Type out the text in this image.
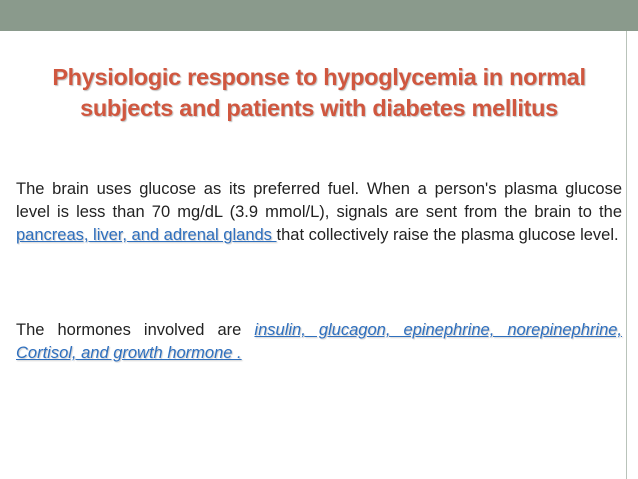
Physiologic response to hypoglycemia in normal
subjects and patients with diabetes mellitus

The brain uses glucose as its preferred fuel. When a person's plasma glucose level is less than 70 mg/dL (3.9 mmol/L), signals are sent from the brain to the pancreas, liver, and adrenal glands that collectively raise the plasma glucose level.

The hormones involved are insulin, glucagon, epinephrine, norepinephrine, Cortisol, and growth hormone .
